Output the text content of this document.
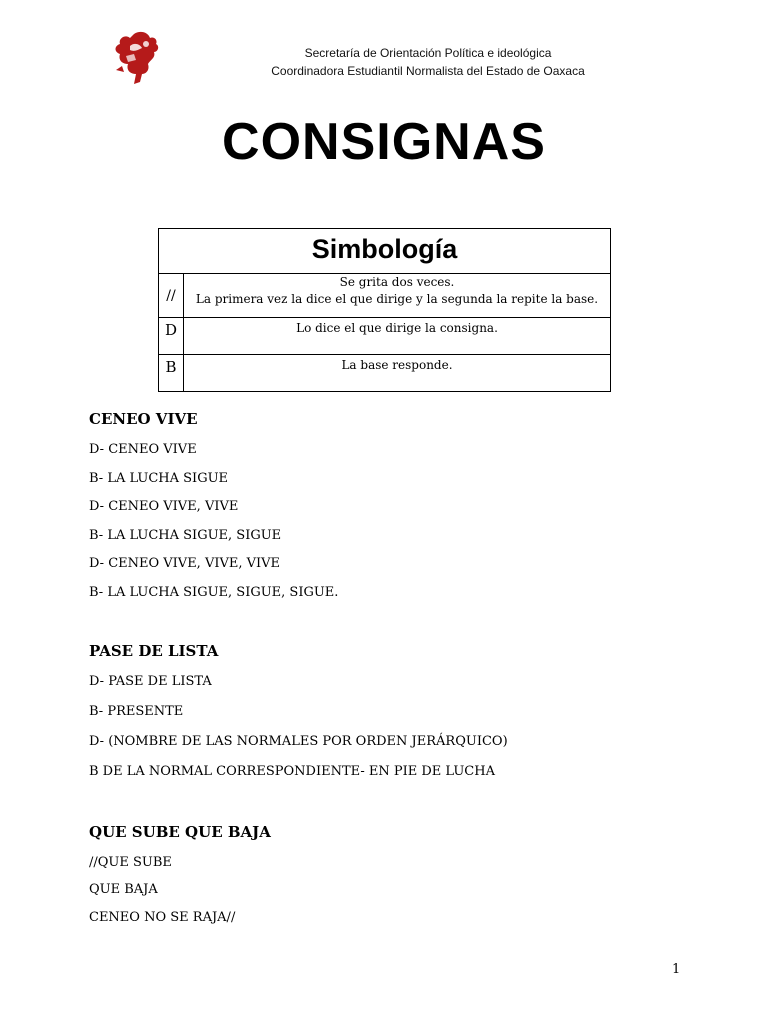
Secretaría de Orientación Política e ideológica
Coordinadora Estudiantil Normalista del Estado de Oaxaca
CONSIGNAS
Simbología	
//	Se grita dos veces.
La primera vez la dice el que dirige y la segunda la repite la base.

D	Lo dice el que dirige la consigna.
B	La base responde.
CENEO VIVE
D- CENEO VIVE
B- LA LUCHA SIGUE
D- CENEO VIVE, VIVE
B- LA LUCHA SIGUE, SIGUE
D- CENEO VIVE, VIVE, VIVE
B- LA LUCHA SIGUE, SIGUE, SIGUE.
PASE DE LISTA
D- PASE DE LISTA
B- PRESENTE
D- (NOMBRE DE LAS NORMALES POR ORDEN JERÁRQUICO)
B DE LA NORMAL CORRESPONDIENTE- EN PIE DE LUCHA
QUE SUBE QUE BAJA
//QUE SUBE
QUE BAJA
CENEO NO SE RAJA//
1
